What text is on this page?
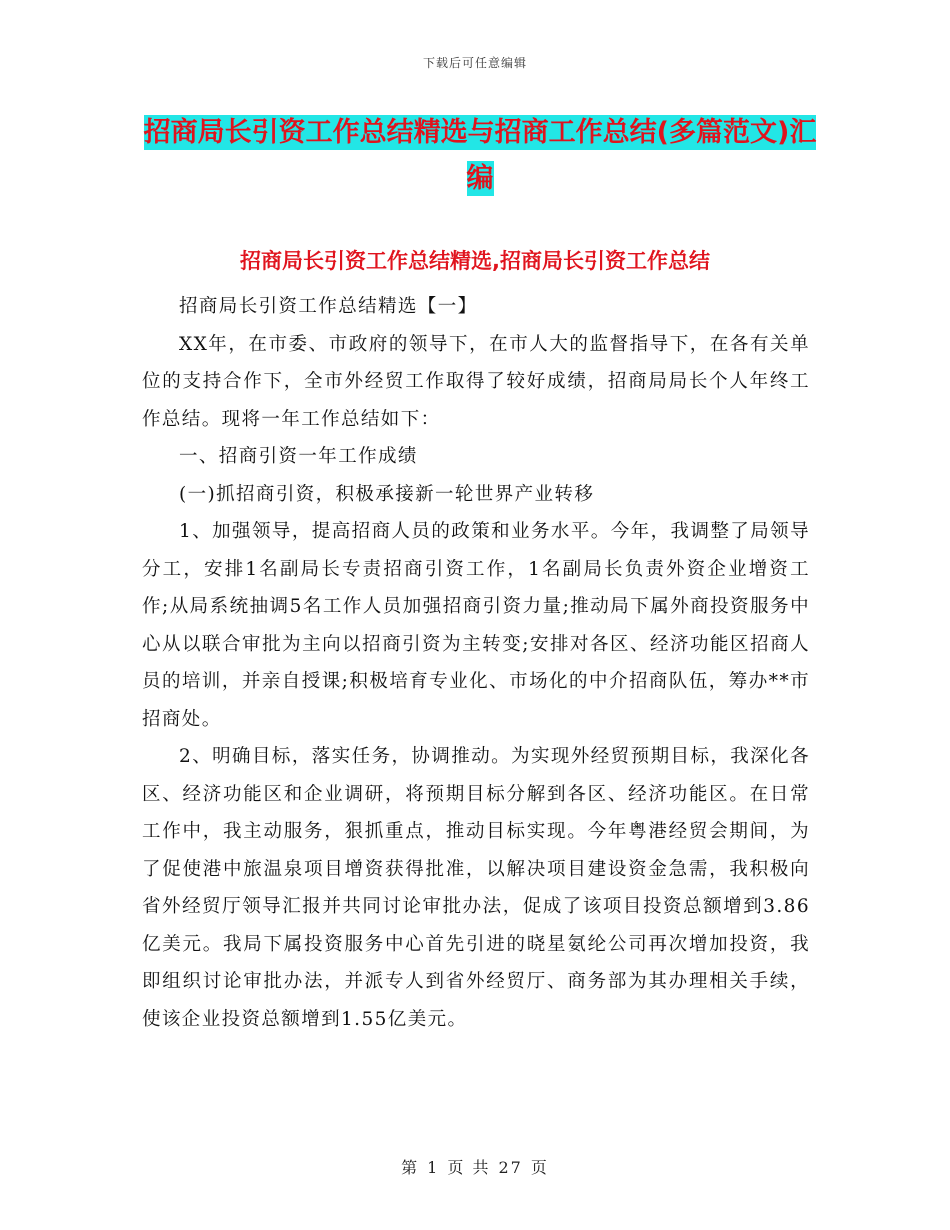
下载后可任意编辑
招商局长引资工作总结精选与招商工作总结(多篇范文)汇编
招商局长引资工作总结精选,招商局长引资工作总结

招商局长引资工作总结精选【一】

XX年，在市委、市政府的领导下，在市人大的监督指导下，在各有关单位的支持合作下，全市外经贸工作取得了较好成绩，招商局局长个人年终工作总结。现将一年工作总结如下：

一、招商引资一年工作成绩

(一)抓招商引资，积极承接新一轮世界产业转移

1、加强领导，提高招商人员的政策和业务水平。今年，我调整了局领导分工，安排1名副局长专责招商引资工作，1名副局长负责外资企业增资工作;从局系统抽调5名工作人员加强招商引资力量;推动局下属外商投资服务中心从以联合审批为主向以招商引资为主转变;安排对各区、经济功能区招商人员的培训，并亲自授课;积极培育专业化、市场化的中介招商队伍，筹办**市招商处。

2、明确目标，落实任务，协调推动。为实现外经贸预期目标，我深化各区、经济功能区和企业调研，将预期目标分解到各区、经济功能区。在日常工作中，我主动服务，狠抓重点，推动目标实现。今年粤港经贸会期间，为了促使港中旅温泉项目增资获得批准，以解决项目建设资金急需，我积极向省外经贸厅领导汇报并共同讨论审批办法，促成了该项目投资总额增到3.86亿美元。我局下属投资服务中心首先引进的晓星氨纶公司再次增加投资，我即组织讨论审批办法，并派专人到省外经贸厅、商务部为其办理相关手续，使该企业投资总额增到1.55亿美元。

第 1 页 共 27 页
